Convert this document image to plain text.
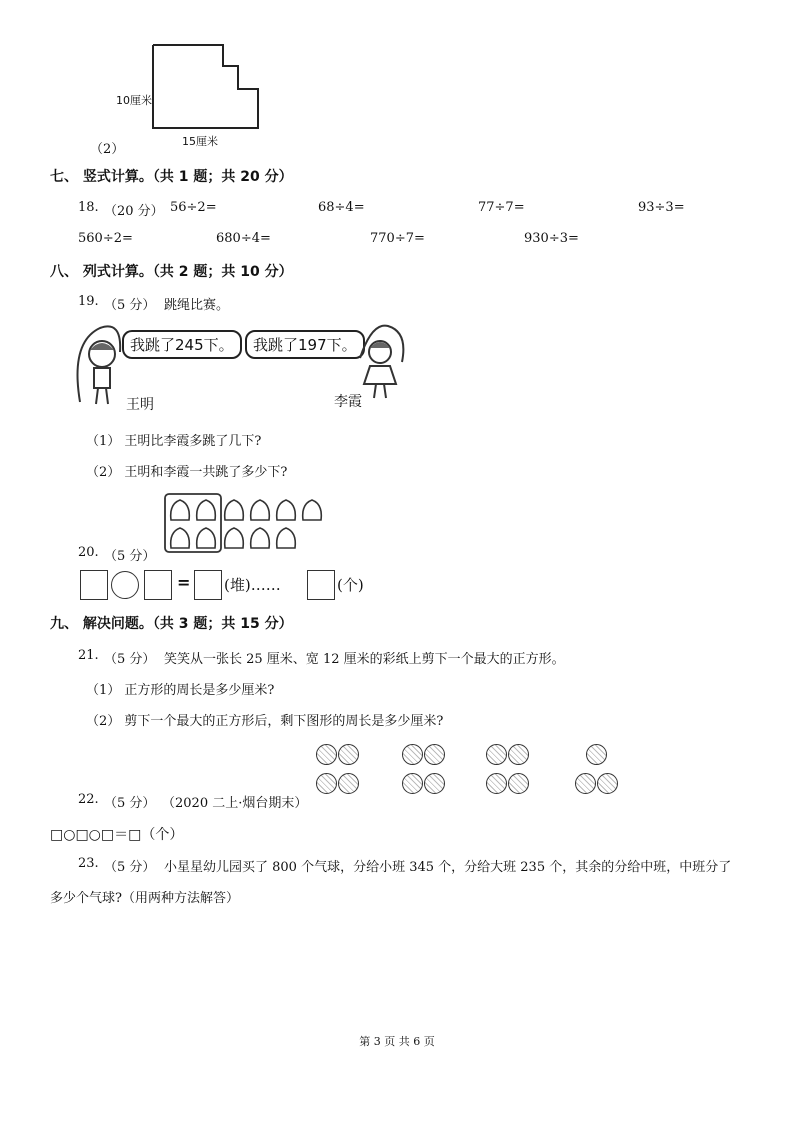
10厘米
15厘米
（2）
七、 竖式计算。（共 1 题；共 20 分）
18. （20 分） 56÷2=	68÷4=	77÷7=	93÷3=
560÷2=	680÷4=	770÷7=	930÷3=
八、 列式计算。（共 2 题；共 10 分）
19. （5 分） 跳绳比赛。
我跳了245下。	我跳了197下。
王明	李霞
（1） 王明比李霞多跳了几下?
（2） 王明和李霞一共跳了多少下?
20. （5 分）
= (堆)……	(个)
九、 解决问题。（共 3 题；共 15 分）
21. （5 分） 笑笑从一张长 25 厘米、宽 12 厘米的彩纸上剪下一个最大的正方形。
（1） 正方形的周长是多少厘米?
（2） 剪下一个最大的正方形后，剩下图形的周长是多少厘米?
22. （5 分） （2020 二上·烟台期末）
□○□○□＝□（个）
23. （5 分） 小星星幼儿园买了 800 个气球，分给小班 345 个，分给大班 235 个，其余的分给中班，中班分了
多少个气球?（用两种方法解答）
第 3 页 共 6 页
